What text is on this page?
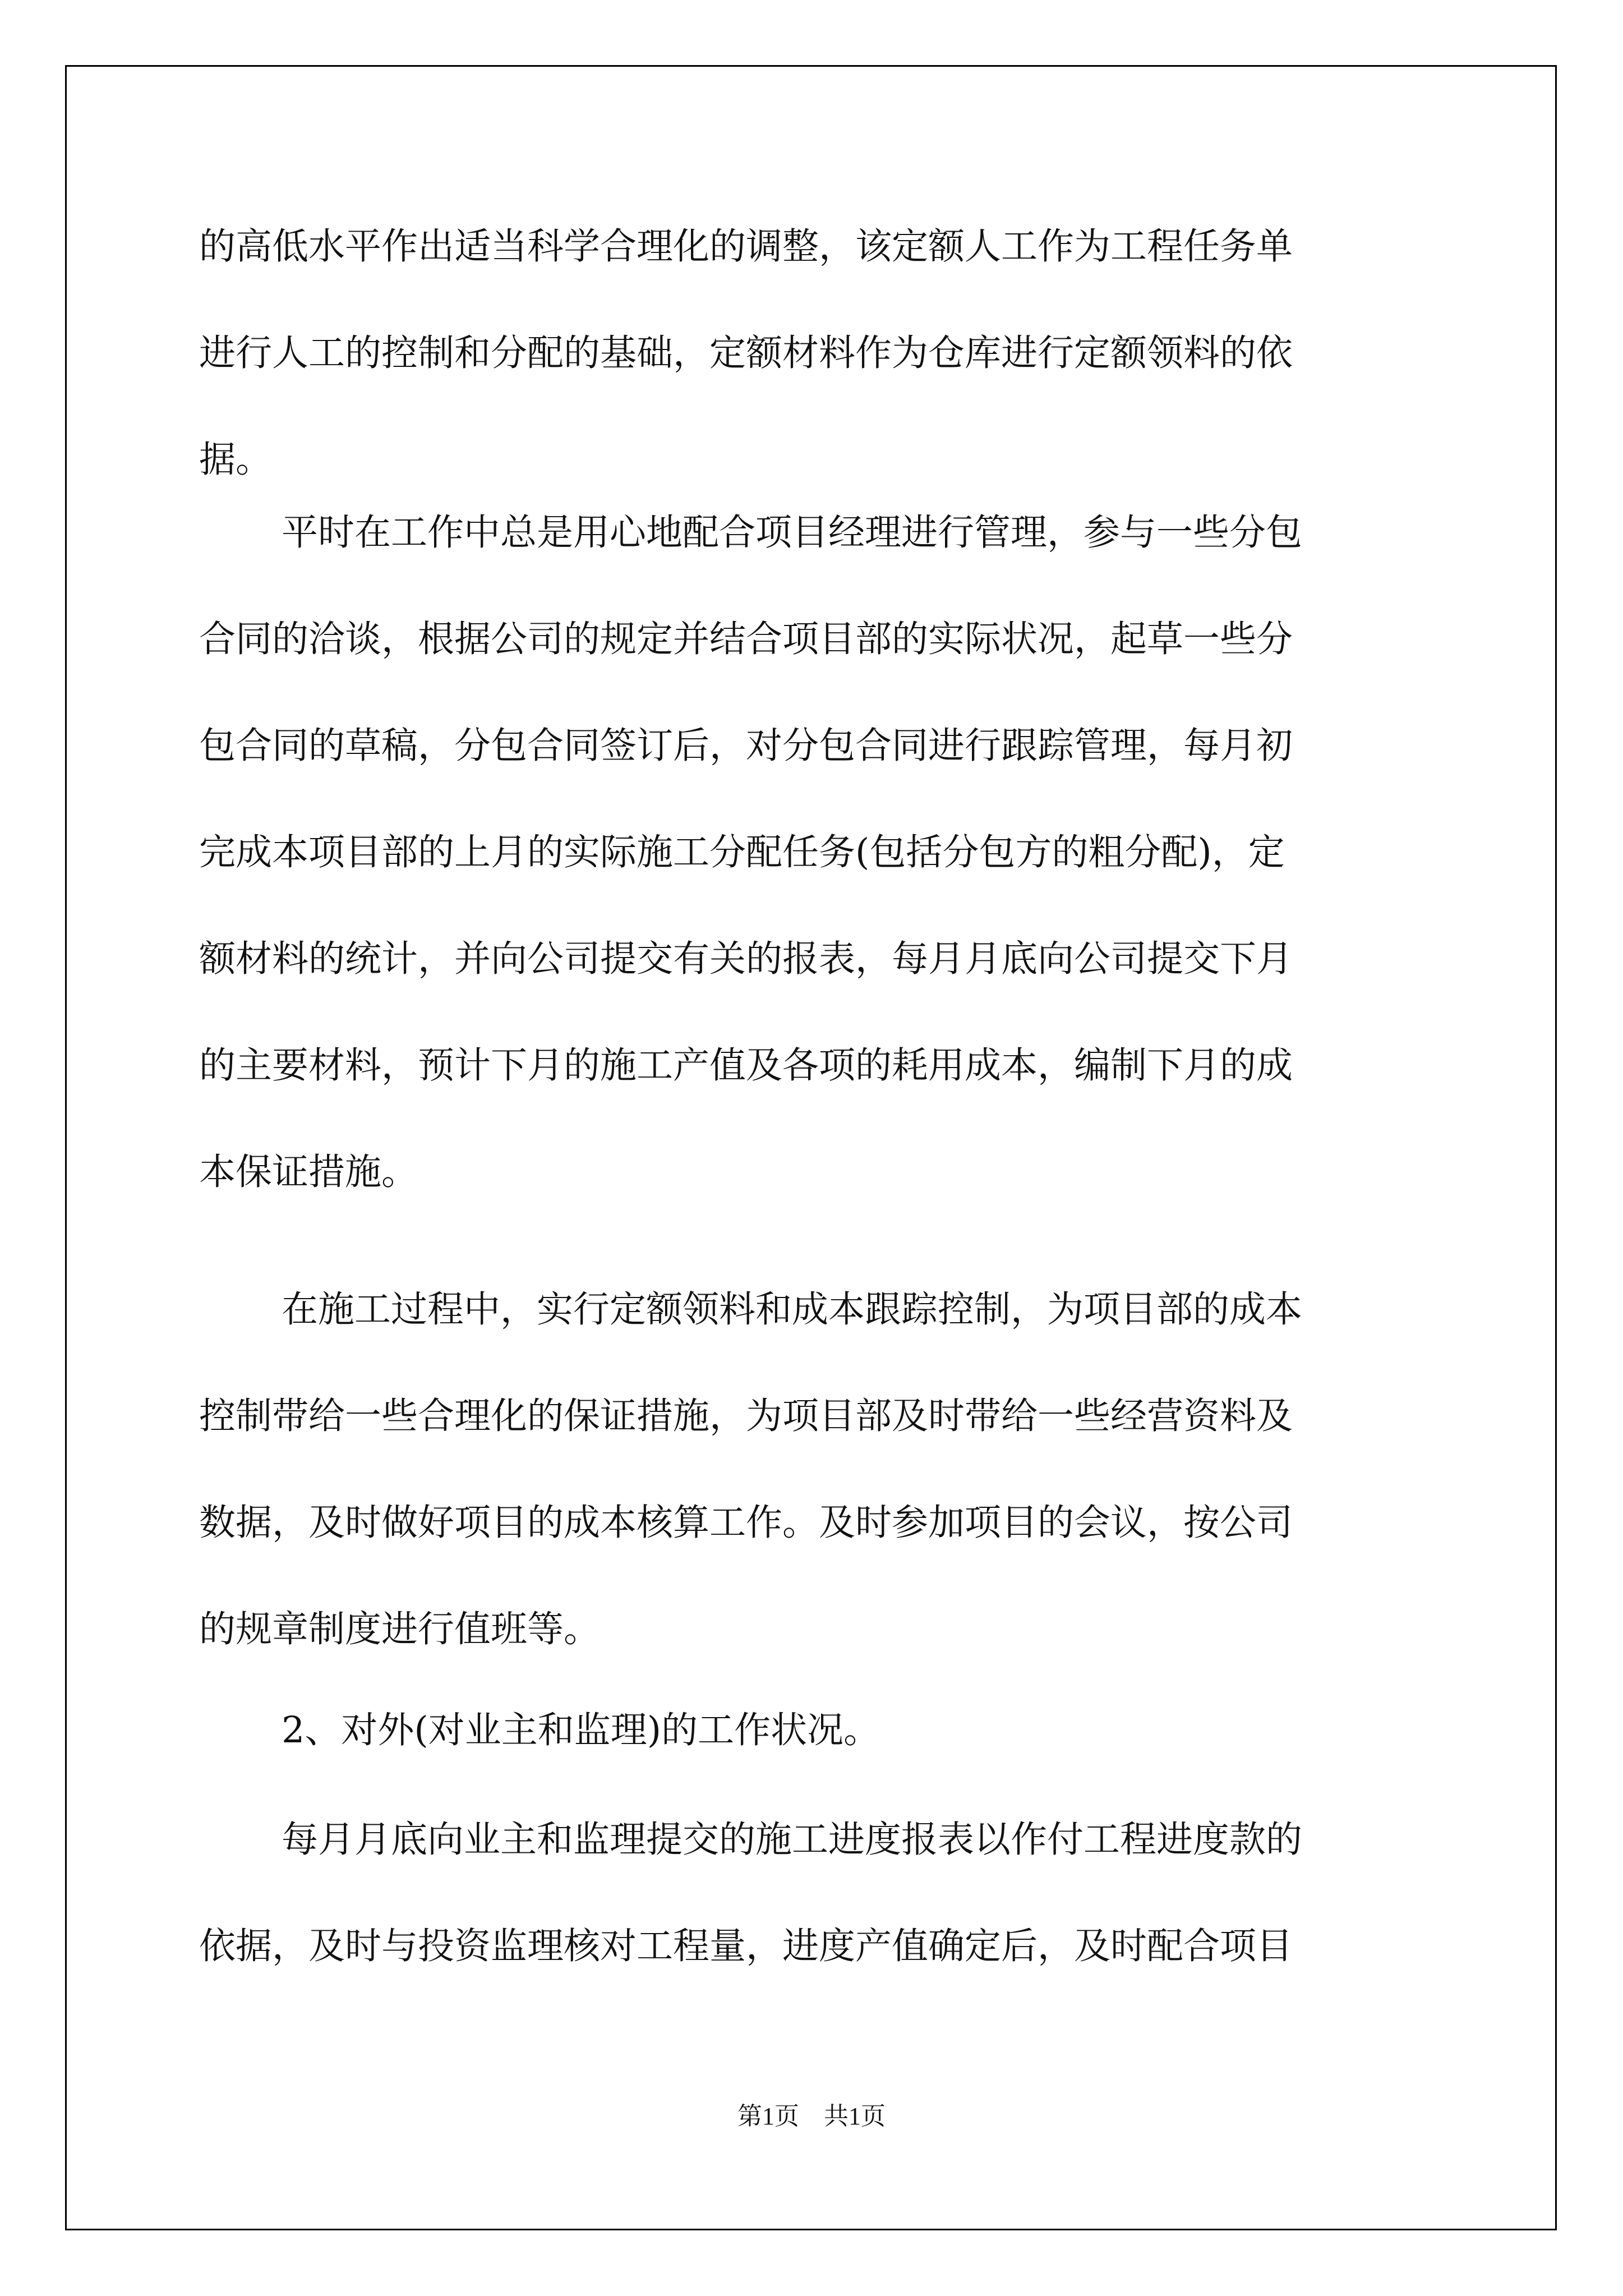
的高低水平作出适当科学合理化的调整，该定额人工作为工程任务单

进行人工的控制和分配的基础，定额材料作为仓库进行定额领料的依

据。

平时在工作中总是用心地配合项目经理进行管理，参与一些分包

合同的洽谈，根据公司的规定并结合项目部的实际状况，起草一些分

包合同的草稿，分包合同签订后，对分包合同进行跟踪管理，每月初

完成本项目部的上月的实际施工分配任务(包括分包方的粗分配)，定

额材料的统计，并向公司提交有关的报表，每月月底向公司提交下月

的主要材料，预计下月的施工产值及各项的耗用成本，编制下月的成

本保证措施。

在施工过程中，实行定额领料和成本跟踪控制，为项目部的成本

控制带给一些合理化的保证措施，为项目部及时带给一些经营资料及

数据，及时做好项目的成本核算工作。及时参加项目的会议，按公司

的规章制度进行值班等。

2、对外(对业主和监理)的工作状况。

每月月底向业主和监理提交的施工进度报表以作付工程进度款的

依据，及时与投资监理核对工程量，进度产值确定后，及时配合项目

第1页　共1页
